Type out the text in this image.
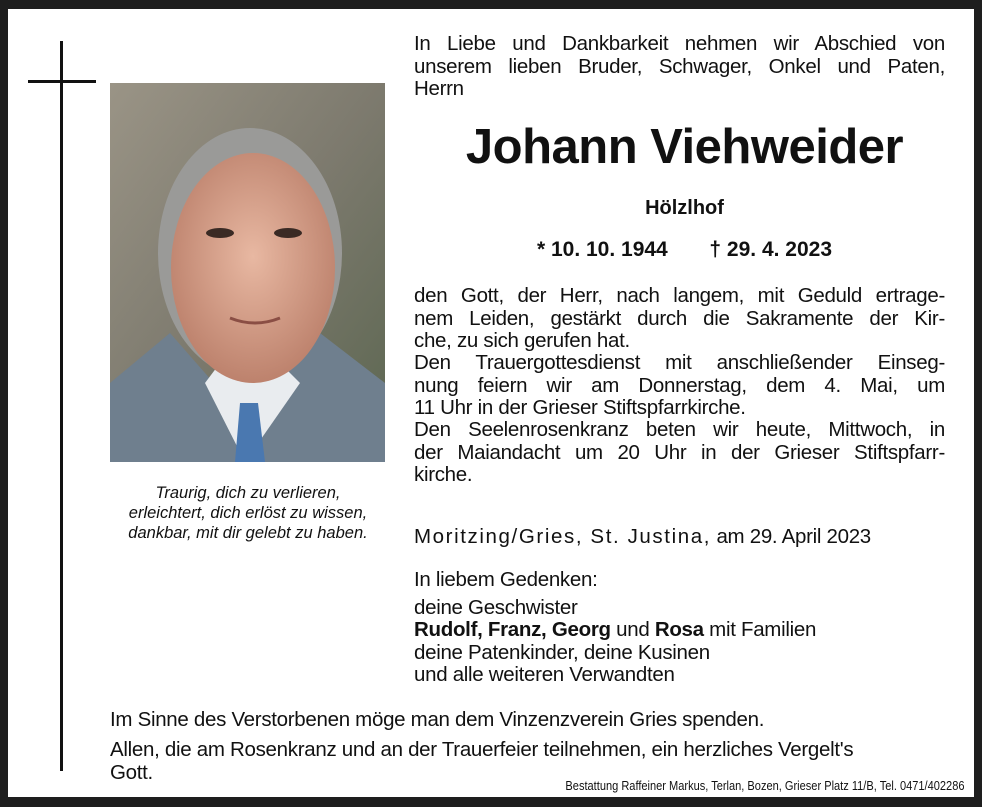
In Liebe und Dankbarkeit nehmen wir Abschied von
unserem lieben Bruder, Schwager, Onkel und Paten,
Herrn
Johann Viehweider
Hölzlhof
* 10. 10. 1944 † 29. 4. 2023
den Gott, der Herr, nach langem, mit Geduld ertrage-
nem Leiden, gestärkt durch die Sakramente der Kir-
che, zu sich gerufen hat.
Den Trauergottesdienst mit anschließender Einseg-
nung feiern wir am Donnerstag, dem 4. Mai, um
11 Uhr in der Grieser Stiftspfarrkirche.
Den Seelenrosenkranz beten wir heute, Mittwoch, in
der Maiandacht um 20 Uhr in der Grieser Stiftspfarr-
kirche.
Moritzing/Gries, St. Justina, am 29. April 2023
In liebem Gedenken:
deine Geschwister
Rudolf, Franz, Georg und Rosa mit Familien
deine Patenkinder, deine Kusinen
und alle weiteren Verwandten
Traurig, dich zu verlieren,
erleichtert, dich erlöst zu wissen,
dankbar, mit dir gelebt zu haben.
Im Sinne des Verstorbenen möge man dem Vinzenzverein Gries spenden.
Allen, die am Rosenkranz und an der Trauerfeier teilnehmen, ein herzliches Vergelt's
Gott.
Bestattung Raffeiner Markus, Terlan, Bozen, Grieser Platz 11/B, Tel. 0471/402286
